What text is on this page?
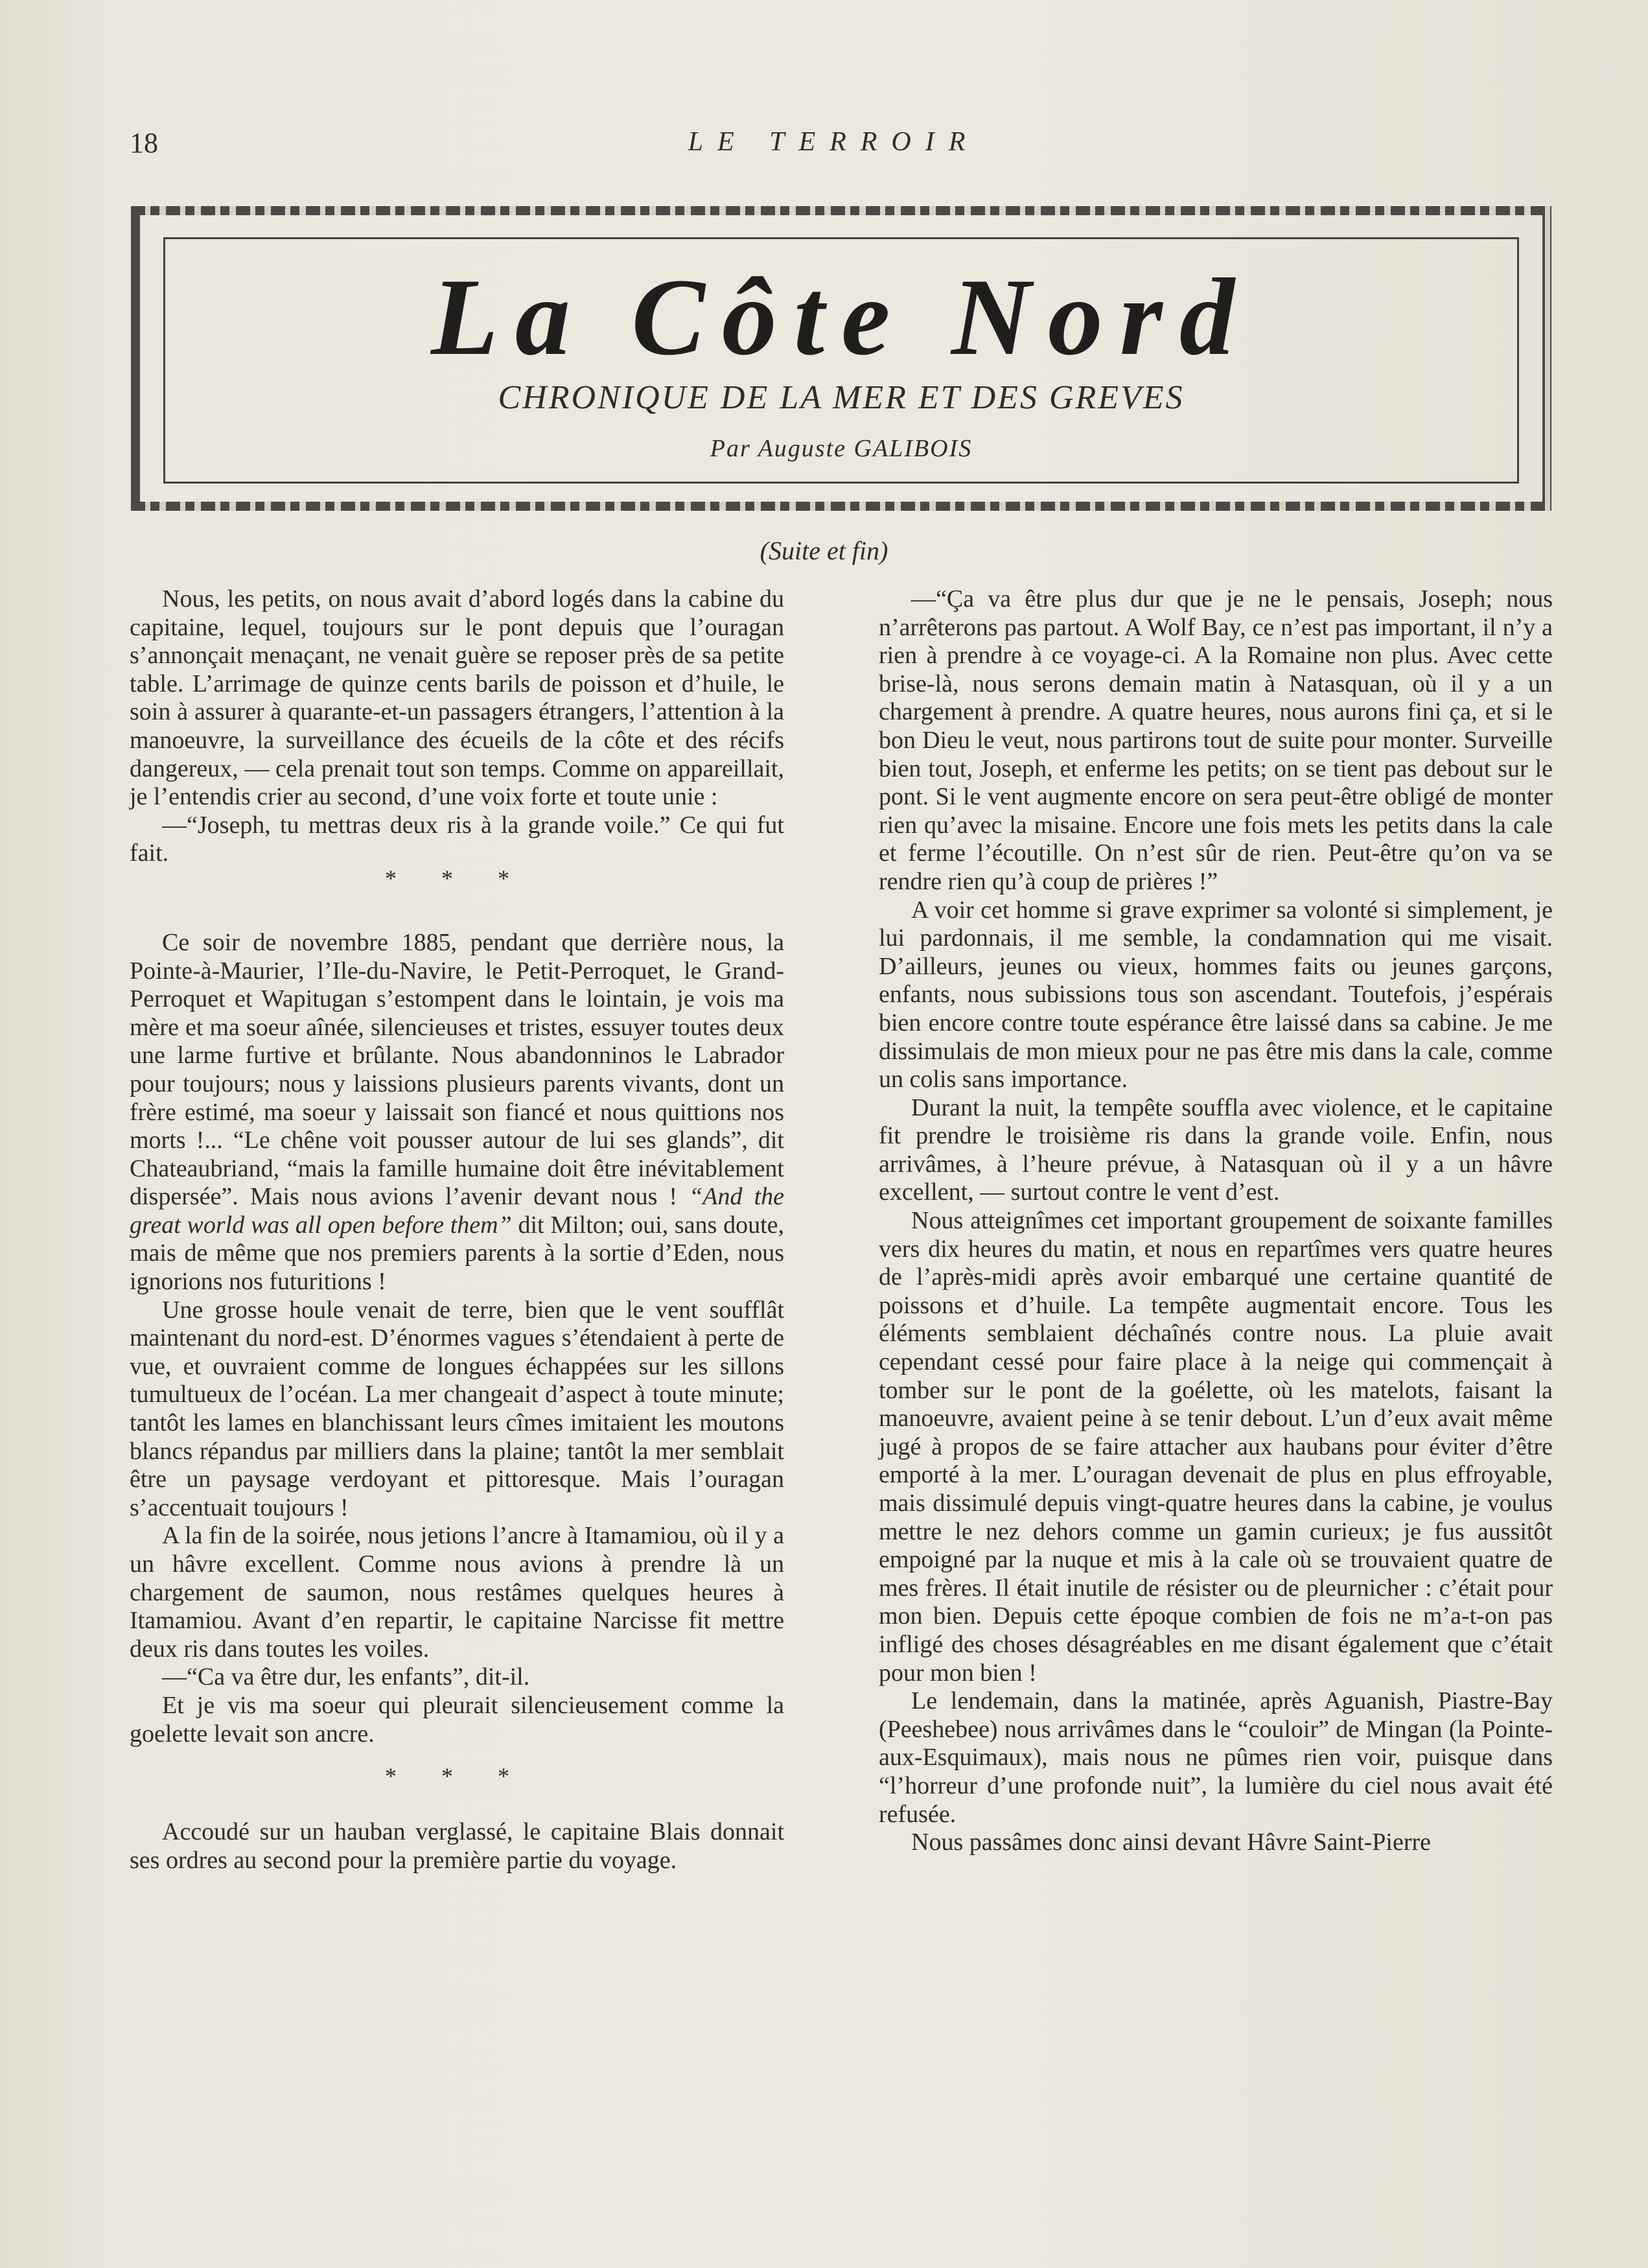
18	LE TERROIR
La Côte Nord
CHRONIQUE DE LA MER ET DES GREVES
Par Auguste GALIBOIS
(Suite et fin)

Nous, les petits, on nous avait d’abord logés dans la cabine du capitaine, lequel, toujours sur le pont depuis que l’ouragan s’annonçait menaçant, ne venait guère se reposer près de sa petite table. L’arrimage de quinze cents barils de poisson et d’huile, le soin à assurer à quarante-et-un passagers étrangers, l’attention à la manoeuvre, la surveillance des écueils de la côte et des récifs dangereux, — cela prenait tout son temps. Comme on appareillait, je l’entendis crier au second, d’une voix forte et toute unie :

—“Joseph, tu mettras deux ris à la grande voile.” Ce qui fut fait.

* * *

Ce soir de novembre 1885, pendant que derrière nous, la Pointe-à-Maurier, l’Ile-du-Navire, le Petit-Perroquet, le Grand-Perroquet et Wapitugan s’estompent dans le lointain, je vois ma mère et ma soeur aînée, silencieuses et tristes, essuyer toutes deux une larme furtive et brûlante. Nous abandonninos le Labrador pour toujours; nous y laissions plusieurs parents vivants, dont un frère estimé, ma soeur y laissait son fiancé et nous quittions nos morts !... “Le chêne voit pousser autour de lui ses glands”, dit Chateaubriand, “mais la famille humaine doit être inévitablement dispersée”. Mais nous avions l’avenir devant nous ! “And the great world was all open before them” dit Milton; oui, sans doute, mais de même que nos premiers parents à la sortie d’Eden, nous ignorions nos futuritions !

Une grosse houle venait de terre, bien que le vent soufflât maintenant du nord-est. D’énormes vagues s’étendaient à perte de vue, et ouvraient comme de longues échappées sur les sillons tumultueux de l’océan. La mer changeait d’aspect à toute minute; tantôt les lames en blanchissant leurs cîmes imitaient les moutons blancs répandus par milliers dans la plaine; tantôt la mer semblait être un paysage verdoyant et pittoresque. Mais l’ouragan s’accentuait toujours !

A la fin de la soirée, nous jetions l’ancre à Itamamiou, où il y a un hâvre excellent. Comme nous avions à prendre là un chargement de saumon, nous restâmes quelques heures à Itamamiou. Avant d’en repartir, le capitaine Narcisse fit mettre deux ris dans toutes les voiles.

—“Ca va être dur, les enfants”, dit-il.

Et je vis ma soeur qui pleurait silencieusement comme la goelette levait son ancre.

* * *

Accoudé sur un hauban verglassé, le capitaine Blais donnait ses ordres au second pour la première partie du voyage.

—“Ça va être plus dur que je ne le pensais, Joseph; nous n’arrêterons pas partout. A Wolf Bay, ce n’est pas important, il n’y a rien à prendre à ce voyage-ci. A la Romaine non plus. Avec cette brise-là, nous serons demain matin à Natasquan, où il y a un chargement à prendre. A quatre heures, nous aurons fini ça, et si le bon Dieu le veut, nous partirons tout de suite pour monter. Surveille bien tout, Joseph, et enferme les petits; on se tient pas debout sur le pont. Si le vent augmente encore on sera peut-être obligé de monter rien qu’avec la misaine. Encore une fois mets les petits dans la cale et ferme l’écoutille. On n’est sûr de rien. Peut-être qu’on va se rendre rien qu’à coup de prières !”

A voir cet homme si grave exprimer sa volonté si simplement, je lui pardonnais, il me semble, la condamnation qui me visait. D’ailleurs, jeunes ou vieux, hommes faits ou jeunes garçons, enfants, nous subissions tous son ascendant. Toutefois, j’espérais bien encore contre toute espérance être laissé dans sa cabine. Je me dissimulais de mon mieux pour ne pas être mis dans la cale, comme un colis sans importance.

Durant la nuit, la tempête souffla avec violence, et le capitaine fit prendre le troisième ris dans la grande voile. Enfin, nous arrivâmes, à l’heure prévue, à Natasquan où il y a un hâvre excellent, — surtout contre le vent d’est.

Nous atteignîmes cet important groupement de soixante familles vers dix heures du matin, et nous en repartîmes vers quatre heures de l’après-midi après avoir embarqué une certaine quantité de poissons et d’huile. La tempête augmentait encore. Tous les éléments semblaient déchaînés contre nous. La pluie avait cependant cessé pour faire place à la neige qui commençait à tomber sur le pont de la goélette, où les matelots, faisant la manoeuvre, avaient peine à se tenir debout. L’un d’eux avait même jugé à propos de se faire attacher aux haubans pour éviter d’être emporté à la mer. L’ouragan devenait de plus en plus effroyable, mais dissimulé depuis vingt-quatre heures dans la cabine, je voulus mettre le nez dehors comme un gamin curieux; je fus aussitôt empoigné par la nuque et mis à la cale où se trouvaient quatre de mes frères. Il était inutile de résister ou de pleurnicher : c’était pour mon bien. Depuis cette époque combien de fois ne m’a-t-on pas infligé des choses désagréables en me disant également que c’était pour mon bien !

Le lendemain, dans la matinée, après Aguanish, Piastre-Bay (Peeshebee) nous arrivâmes dans le “couloir” de Mingan (la Pointe-aux-Esquimaux), mais nous ne pûmes rien voir, puisque dans “l’horreur d’une profonde nuit”, la lumière du ciel nous avait été refusée.

Nous passâmes donc ainsi devant Hâvre Saint-Pierre
